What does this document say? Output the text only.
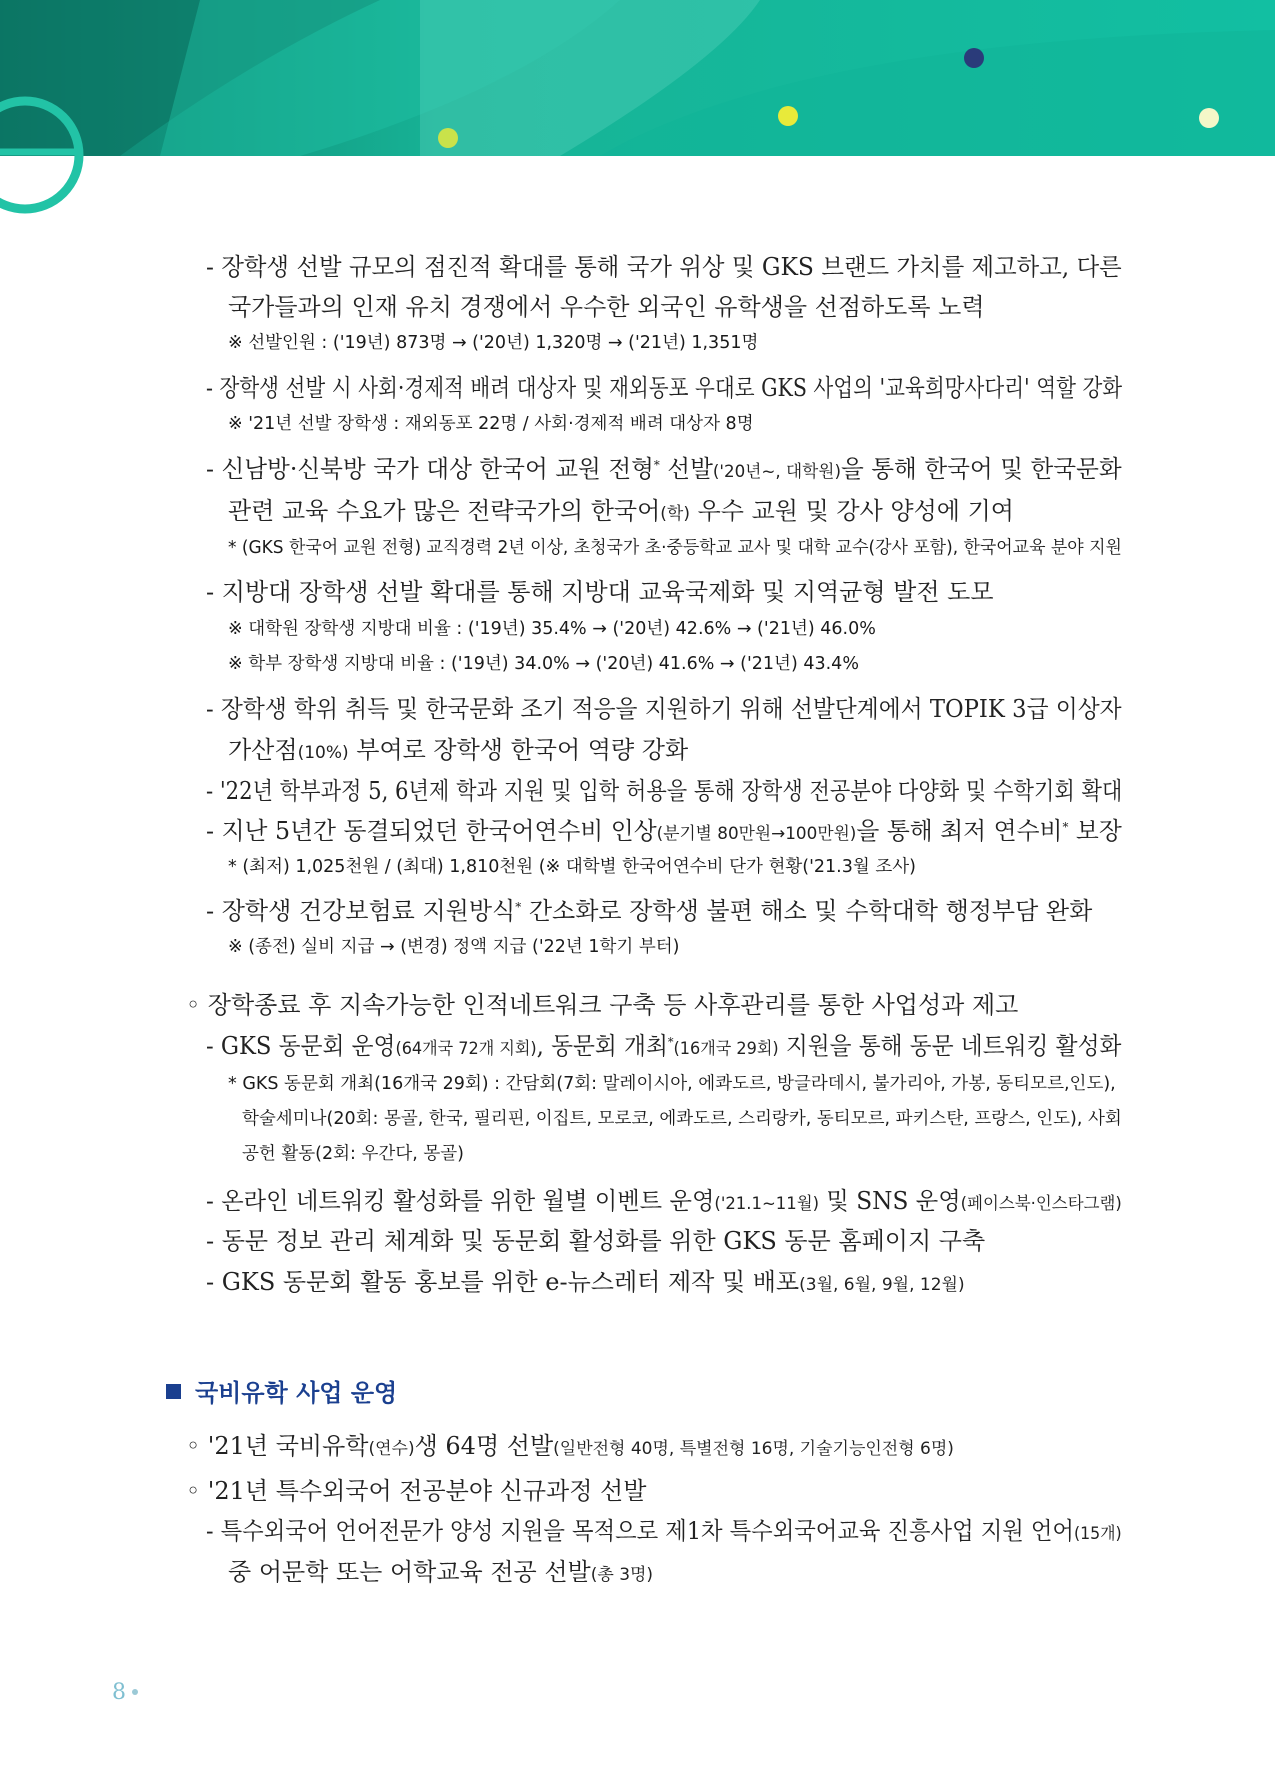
- 장학생 선발 규모의 점진적 확대를 통해 국가 위상 및 GKS 브랜드 가치를 제고하고, 다른
국가들과의 인재 유치 경쟁에서 우수한 외국인 유학생을 선점하도록 노력
※ 선발인원 : ('19년) 873명 → ('20년) 1,320명 → ('21년) 1,351명
- 장학생 선발 시 사회·경제적 배려 대상자 및 재외동포 우대로 GKS 사업의 '교육희망사다리' 역할 강화
※ '21년 선발 장학생 : 재외동포 22명 / 사회·경제적 배려 대상자 8명
- 신남방·신북방 국가 대상 한국어 교원 전형* 선발('20년~, 대학원)을 통해 한국어 및 한국문화
관련 교육 수요가 많은 전략국가의 한국어(학) 우수 교원 및 강사 양성에 기여
* (GKS 한국어 교원 전형) 교직경력 2년 이상, 초청국가 초·중등학교 교사 및 대학 교수(강사 포함), 한국어교육 분야 지원
- 지방대 장학생 선발 확대를 통해 지방대 교육국제화 및 지역균형 발전 도모
※ 대학원 장학생 지방대 비율 : ('19년) 35.4% → ('20년) 42.6% → ('21년) 46.0%
※ 학부 장학생 지방대 비율 : ('19년) 34.0% → ('20년) 41.6% → ('21년) 43.4%
- 장학생 학위 취득 및 한국문화 조기 적응을 지원하기 위해 선발단계에서 TOPIK 3급 이상자
가산점(10%) 부여로 장학생 한국어 역량 강화
- '22년 학부과정 5, 6년제 학과 지원 및 입학 허용을 통해 장학생 전공분야 다양화 및 수학기회 확대
- 지난 5년간 동결되었던 한국어연수비 인상(분기별 80만원→100만원)을 통해 최저 연수비* 보장
* (최저) 1,025천원 / (최대) 1,810천원 (※ 대학별 한국어연수비 단가 현황('21.3월 조사)
- 장학생 건강보험료 지원방식* 간소화로 장학생 불편 해소 및 수학대학 행정부담 완화
※ (종전) 실비 지급 → (변경) 정액 지급 ('22년 1학기 부터)
◦ 장학종료 후 지속가능한 인적네트워크 구축 등 사후관리를 통한 사업성과 제고
- GKS 동문회 운영(64개국 72개 지회), 동문회 개최*(16개국 29회) 지원을 통해 동문 네트워킹 활성화
* GKS 동문회 개최(16개국 29회) : 간담회(7회: 말레이시아, 에콰도르, 방글라데시, 불가리아, 가봉, 동티모르,인도),
학술세미나(20회: 몽골, 한국, 필리핀, 이집트, 모로코, 에콰도르, 스리랑카, 동티모르, 파키스탄, 프랑스, 인도), 사회
공헌 활동(2회: 우간다, 몽골)
- 온라인 네트워킹 활성화를 위한 월별 이벤트 운영('21.1~11월) 및 SNS 운영(페이스북·인스타그램)
- 동문 정보 관리 체계화 및 동문회 활성화를 위한 GKS 동문 홈페이지 구축
- GKS 동문회 활동 홍보를 위한 e-뉴스레터 제작 및 배포(3월, 6월, 9월, 12월)
◦ '21년 국비유학(연수)생 64명 선발(일반전형 40명, 특별전형 16명, 기술기능인전형 6명)
◦ '21년 특수외국어 전공분야 신규과정 선발
- 특수외국어 언어전문가 양성 지원을 목적으로 제1차 특수외국어교육 진흥사업 지원 언어(15개)
중 어문학 또는 어학교육 전공 선발(총 3명)
국비유학 사업 운영
8
